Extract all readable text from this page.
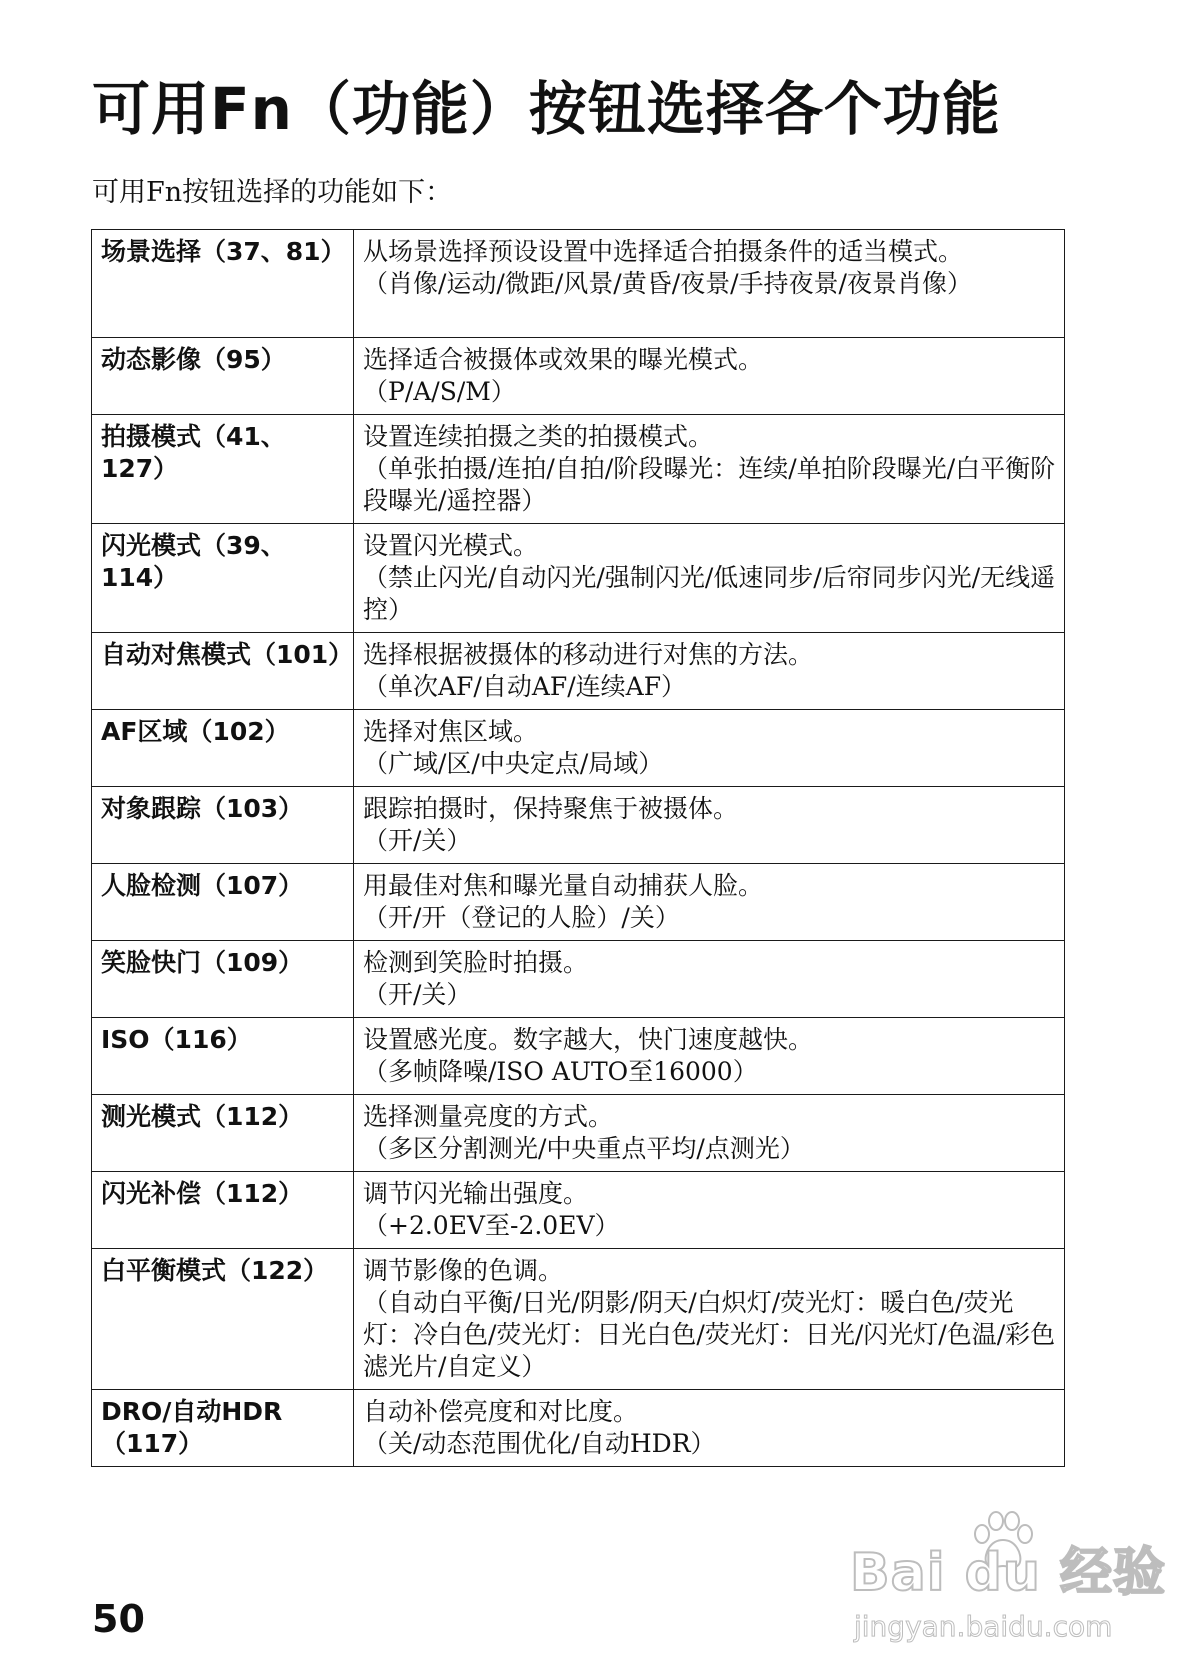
可用Fn（功能）按钮选择各个功能

可用Fn按钮选择的功能如下：

场景选择（37、81）	从场景选择预设设置中选择适合拍摄条件的适当模式。
（肖像/运动/微距/风景/黄昏/夜景/手持夜景/夜景肖像）

动态影像（95）	选择适合被摄体或效果的曝光模式。
（P/A/S/M）

拍摄模式（41、127）	设置连续拍摄之类的拍摄模式。
（单张拍摄/连拍/自拍/阶段曝光：连续/单拍阶段曝光/白平衡阶段曝光/遥控器）

闪光模式（39、114）	设置闪光模式。
（禁止闪光/自动闪光/强制闪光/低速同步/后帘同步闪光/无线遥控）

自动对焦模式（101）	选择根据被摄体的移动进行对焦的方法。
（单次AF/自动AF/连续AF）

AF区域（102）	选择对焦区域。
（广域/区/中央定点/局域）

对象跟踪（103）	跟踪拍摄时，保持聚焦于被摄体。
（开/关）

人脸检测（107）	用最佳对焦和曝光量自动捕获人脸。
（开/开（登记的人脸）/关）

笑脸快门（109）	检测到笑脸时拍摄。
（开/关）

ISO（116）	设置感光度。数字越大，快门速度越快。
（多帧降噪/ISO AUTO至16000）

测光模式（112）	选择测量亮度的方式。
（多区分割测光/中央重点平均/点测光）

闪光补偿（112）	调节闪光输出强度。
（+2.0EV至-2.0EV）

白平衡模式（122）	调节影像的色调。
（自动白平衡/日光/阴影/阴天/白炽灯/荧光灯：暖白色/荧光灯：冷白色/荧光灯：日光白色/荧光灯：日光/闪光灯/色温/彩色滤光片/自定义）

DRO/自动HDR（117）	自动补偿亮度和对比度。
（关/动态范围优化/自动HDR）
50
Bai du 经验
jingyan.baidu.com
